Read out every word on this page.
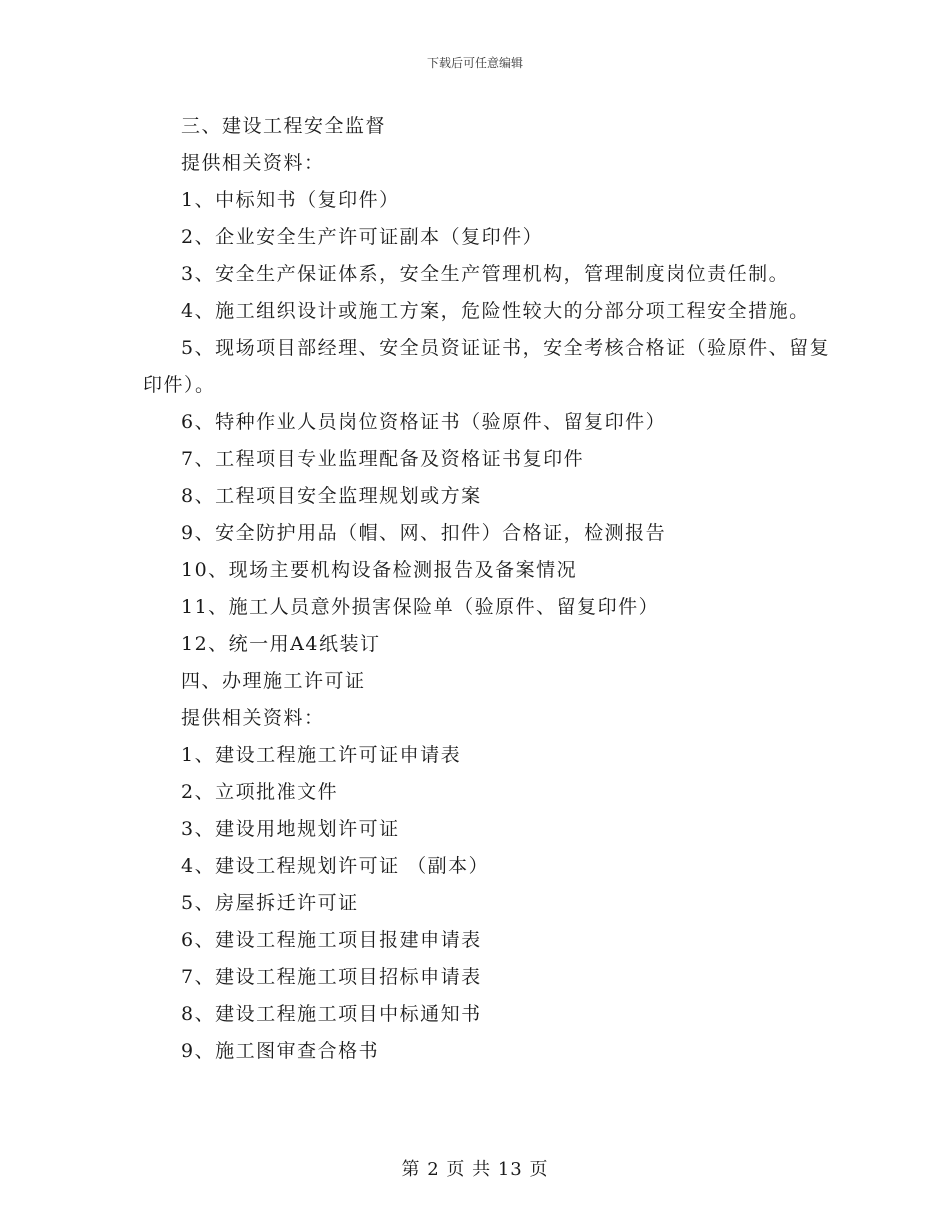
下载后可任意编辑

三、建设工程安全监督

提供相关资料：

1、中标知书（复印件）

2、企业安全生产许可证副本（复印件）

3、安全生产保证体系，安全生产管理机构，管理制度岗位责任制。

4、施工组织设计或施工方案，危险性较大的分部分项工程安全措施。

5、现场项目部经理、安全员资证证书，安全考核合格证（验原件、留复印件）。

6、特种作业人员岗位资格证书（验原件、留复印件）

7、工程项目专业监理配备及资格证书复印件

8、工程项目安全监理规划或方案

9、安全防护用品（帽、网、扣件）合格证，检测报告

10、现场主要机构设备检测报告及备案情况

11、施工人员意外损害保险单（验原件、留复印件）

12、统一用A4纸装订

四、办理施工许可证

提供相关资料：

1、建设工程施工许可证申请表

2、立项批准文件

3、建设用地规划许可证

4、建设工程规划许可证 （副本）

5、房屋拆迁许可证

6、建设工程施工项目报建申请表

7、建设工程施工项目招标申请表

8、建设工程施工项目中标通知书

9、施工图审查合格书

第 2 页 共 13 页
